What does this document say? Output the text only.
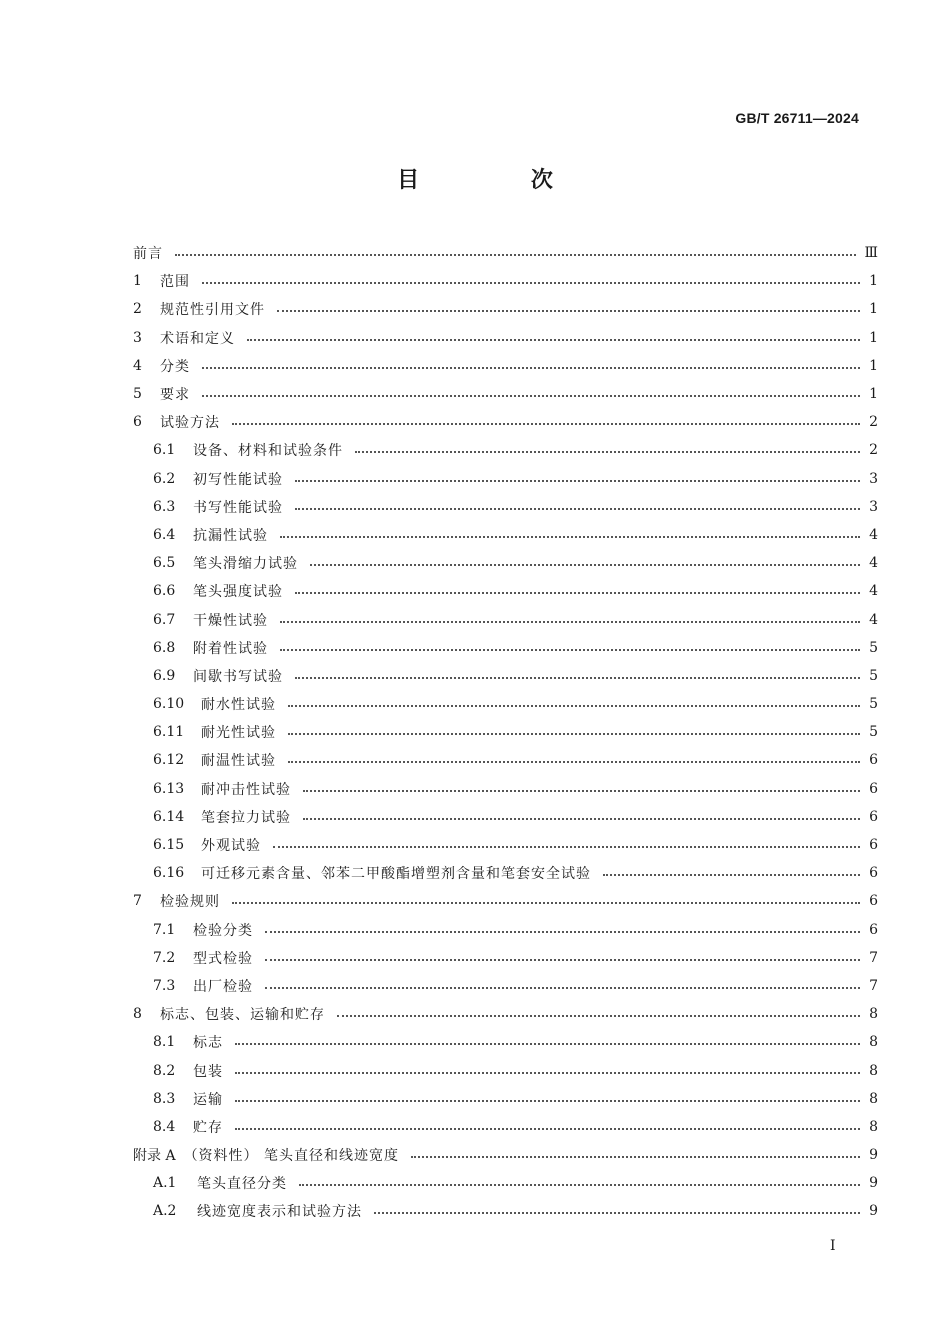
GB/T 26711—2024
目 次
前言	Ⅲ
1	范围	1
2	规范性引用文件	1
3	术语和定义	1
4	分类	1
5	要求	1
6	试验方法	2
6.1	设备、材料和试验条件	2
6.2	初写性能试验	3
6.3	书写性能试验	3
6.4	抗漏性试验	4
6.5	笔头滑缩力试验	4
6.6	笔头强度试验	4
6.7	干燥性试验	4
6.8	附着性试验	5
6.9	间歇书写试验	5
6.10	耐水性试验	5
6.11	耐光性试验	5
6.12	耐温性试验	6
6.13	耐冲击性试验	6
6.14	笔套拉力试验	6
6.15	外观试验	6
6.16	可迁移元素含量、邻苯二甲酸酯增塑剂含量和笔套安全试验	6
7	检验规则	6
7.1	检验分类	6
7.2	型式检验	7
7.3	出厂检验	7
8	标志、包装、运输和贮存	8
8.1	标志	8
8.2	包装	8
8.3	运输	8
8.4	贮存	8
附录 A （资料性） 笔头直径和线迹宽度	9
A.1	笔头直径分类	9
A.2	线迹宽度表示和试验方法	9
I
